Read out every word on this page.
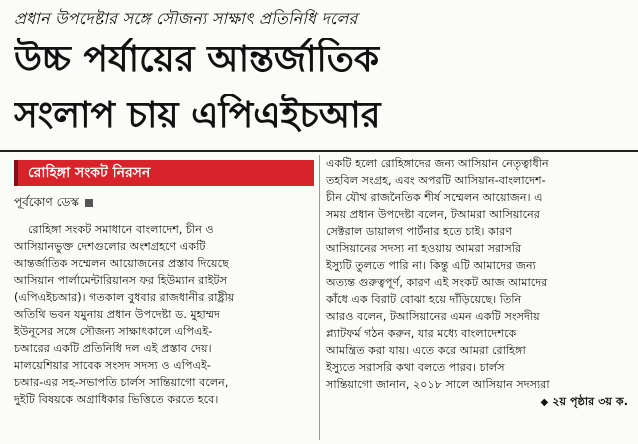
প্রধান উপদেষ্টার সঙ্গে সৌজন্য সাক্ষাৎ প্রতিনিধি দলের
উচ্চ পর্যায়ের আন্তর্জাতিক
সংলাপ চায় এপিএইচআর
রোহিঙ্গা সংকট নিরসন
পূর্বকোণ ডেস্ক
রোহিঙ্গা সংকট সমাধানে বাংলাদেশ, চীন ও
আসিয়ানভুক্ত দেশগুলোর অংশগ্রহণে একটি
আন্তর্জাতিক সম্মেলন আয়োজনের প্রস্তাব দিয়েছে
আসিয়ান পার্লামেন্টারিয়ানস ফর হিউম্যান রাইটস
(এপিএইচআর)। গতকাল বুধবার রাজধানীর রাষ্ট্রীয়
অতিথি ভবন যমুনায় প্রধান উপদেষ্টা ড. মুহাম্মদ
ইউনূসের সঙ্গে সৌজন্য সাক্ষাৎকালে এপিএই-
চআরের একটি প্রতিনিধি দল এই প্রস্তাব দেয়।
মালয়েশিয়ার সাবেক সংসদ সদস্য ও এপিএই-
চআর-এর সহ-সভাপতি চার্লস সান্তিয়াগো বলেন,
দুইটি বিষয়কে অগ্রাধিকার ভিত্তিতে করতে হবে।
একটি হলো রোহিঙ্গাদের জন্য আসিয়ান নেতৃত্বাধীন
তহবিল সংগ্রহ, এবং অপরটি আসিয়ান-বাংলাদেশ-
চীন যৌথ রাজনৈতিক শীর্ষ সম্মেলন আয়োজন। এ
সময় প্রধান উপদেষ্টা বলেন, টআমরা আসিয়ানের
সেক্টরাল ডায়ালগ পার্টনার হতে চাই। কারণ
আসিয়ানের সদস্য না হওয়ায় আমরা সরাসরি
ইস্যুটি তুলতে পারি না। কিন্তু এটি আমাদের জন্য
অত্যন্ত গুরুত্বপূর্ণ, কারণ এই সংকট আজ আমাদের
কাঁধে এক বিরাট বোঝা হয়ে দাঁড়িয়েছে। তিনি
আরও বলেন, টআসিয়ানের এমন একটি সংসদীয়
প্ল্যাটফর্ম গঠন করুন, যার মধ্যে বাংলাদেশকে
আমন্ত্রিত করা যায়। এতে করে আমরা রোহিঙ্গা
ইস্যুতে সরাসরি কথা বলতে পারব। চার্লস
সান্তিয়াগো জানান, ২০১৮ সালে আসিয়ান সদস্যরা
◆ ২য় পৃষ্ঠার ৩য় ক.
